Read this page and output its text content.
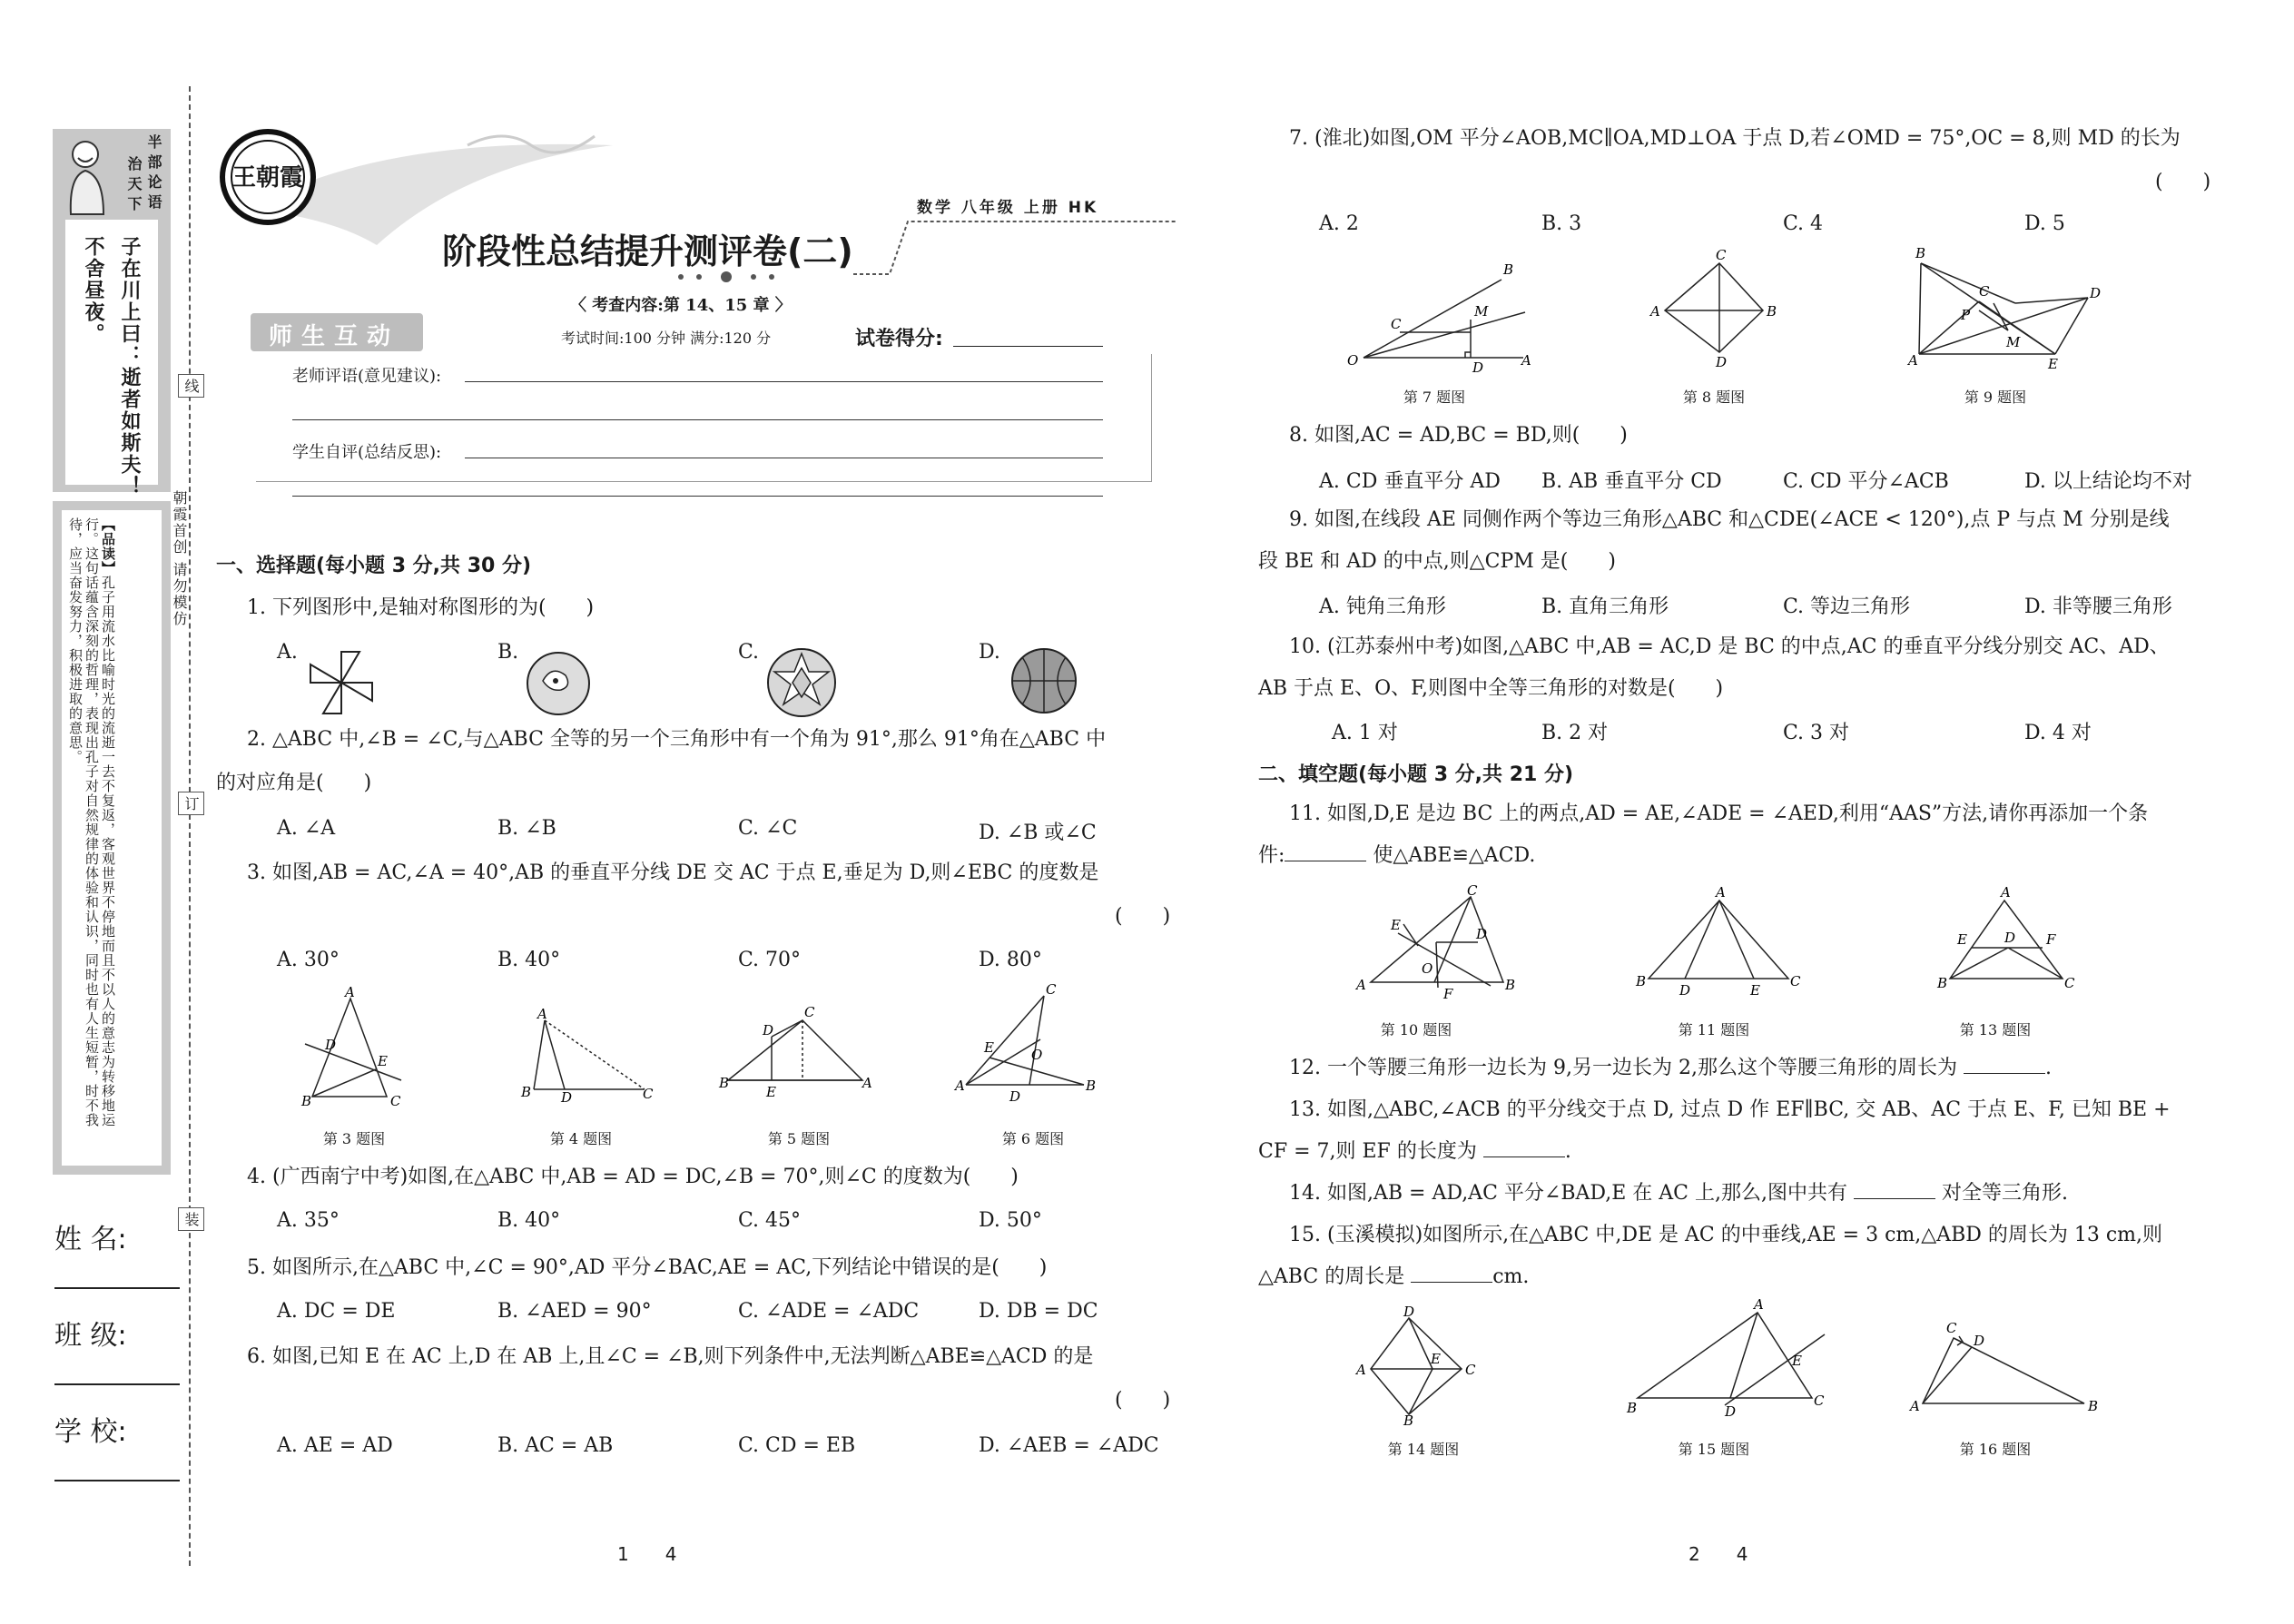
半部论语
治天下
子在川上曰：逝者如斯夫！
不舍昼夜。
【品读】孔子用流水比喻时光的流逝一去不复返，客观世界不停地而且不以人的意志为转移地运行。这句话蕴含深刻的哲理，表现出孔子对自然规律的体验和认识，同时也有人生短暂，时不我待，应当奋发努力，积极进取的意思。
线
订
装
朝霞首创 请勿模仿
姓 名:
班 级:
学 校:
王朝霞
数学 八年级 上册 HK
阶段性总结提升测评卷(二)
〈 考查内容:第 14、15 章 〉
师生互动	考试时间:100 分钟 满分:120 分	试卷得分:
老师评语(意见建议):
学生自评(总结反思):
一、选择题(每小题 3 分,共 30 分)
1. 下列图形中,是轴对称图形的为(　　)
A.	B.	C.	D.
2. △ABC 中,∠B = ∠C,与△ABC 全等的另一个三角形中有一个角为 91°,那么 91°角在△ABC 中
的对应角是(　　)
A. ∠A	B. ∠B	C. ∠C	D. ∠B 或∠C
3. 如图,AB = AC,∠A = 40°,AB 的垂直平分线 DE 交 AC 于点 E,垂足为 D,则∠EBC 的度数是
(　　)
A. 30°	B. 40°	C. 70°	D. 80°
A
B	C
D
E
第 3 题图
A
B D	C
第 4 题图
D
C
B
E
A
第 5 题图
C
E	O
A
D
B
第 6 题图
4. (广西南宁中考)如图,在△ABC 中,AB = AD = DC,∠B = 70°,则∠C 的度数为(　　)
A. 35°	B. 40°	C. 45°	D. 50°
5. 如图所示,在△ABC 中,∠C = 90°,AD 平分∠BAC,AE = AC,下列结论中错误的是(　　)
A. DC = DE	B. ∠AED = 90°	C. ∠ADE = ∠ADC	D. DB = DC
6. 如图,已知 E 在 AC 上,D 在 AB 上,且∠C = ∠B,则下列条件中,无法判断△ABE≌△ACD 的是
(　　)
A. AE = AD	B. AC = AB	C. CD = EB	D. ∠AEB = ∠ADC
1　　4
7. (淮北)如图,OM 平分∠AOB,MC∥OA,MD⊥OA 于点 D,若∠OMD = 75°,OC = 8,则 MD 的长为
(　　)
A. 2	B. 3	C. 4	D. 5
B
C
M
O	D	A
第 7 题图
C
A	B
D
第 8 题图
B
C	D
P
M
A	E
第 9 题图
8. 如图,AC = AD,BC = BD,则(　　)
A. CD 垂直平分 AD B. AB 垂直平分 CD	C. CD 平分∠ACB	D. 以上结论均不对
9. 如图,在线段 AE 同侧作两个等边三角形△ABC 和△CDE(∠ACE < 120°),点 P 与点 M 分别是线
段 BE 和 AD 的中点,则△CPM 是(　　)
A. 钝角三角形	B. 直角三角形	C. 等边三角形	D. 非等腰三角形
10. (江苏泰州中考)如图,△ABC 中,AB = AC,D 是 BC 的中点,AC 的垂直平分线分别交 AC、AD、
AB 于点 E、O、F,则图中全等三角形的对数是(　　)
A. 1 对	B. 2 对	C. 3 对	D. 4 对
二、填空题(每小题 3 分,共 21 分)
11. 如图,D,E 是边 BC 上的两点,AD = AE,∠ADE = ∠AED,利用“AAS”方法,请你再添加一个条
件:	使△ABE≌△ACD.
C
E
D
O
A
F
B
第 10 题图
A
B
D	E
C
第 11 题图
A
E	D F
B	C
第 13 题图
12. 一个等腰三角形一边长为 9,另一边长为 2,那么这个等腰三角形的周长为	.
13. 如图,△ABC,∠ACB 的平分线交于点 D, 过点 D 作 EF∥BC, 交 AB、AC 于点 E、F, 已知 BE +
CF = 7,则 EF 的长度为	.
14. 如图,AB = AD,AC 平分∠BAD,E 在 AC 上,那么,图中共有	对全等三角形.
15. (玉溪模拟)如图所示,在△ABC 中,DE 是 AC 的中垂线,AE = 3 cm,△ABD 的周长为 13 cm,则
△ABC 的周长是	cm.
D
A
E
C
B
第 14 题图
A
E
B	D
C
第 15 题图
C
D
A	B
第 16 题图
2　　4
